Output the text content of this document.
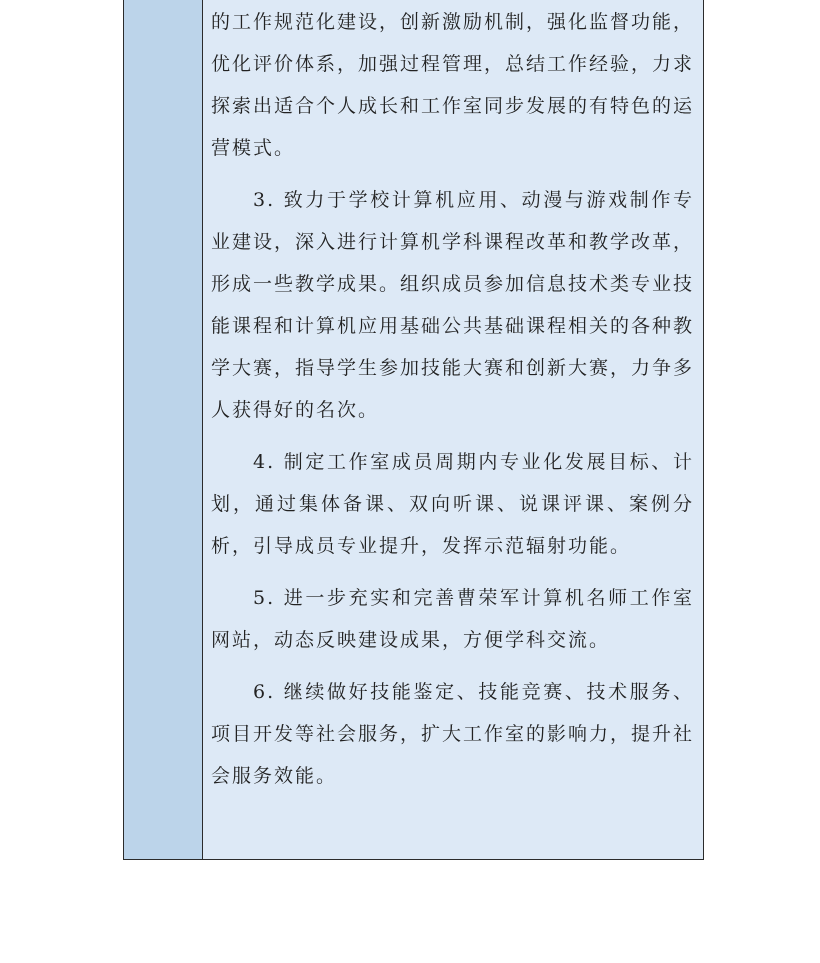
的工作规范化建设，创新激励机制，强化监督功能，优化评价体系，加强过程管理，总结工作经验，力求探索出适合个人成长和工作室同步发展的有特色的运营模式。

3. 致力于学校计算机应用、动漫与游戏制作专业建设，深入进行计算机学科课程改革和教学改革，形成一些教学成果。组织成员参加信息技术类专业技能课程和计算机应用基础公共基础课程相关的各种教学大赛，指导学生参加技能大赛和创新大赛，力争多人获得好的名次。

4. 制定工作室成员周期内专业化发展目标、计划，通过集体备课、双向听课、说课评课、案例分析，引导成员专业提升，发挥示范辐射功能。

5. 进一步充实和完善曹荣军计算机名师工作室网站，动态反映建设成果，方便学科交流。

6. 继续做好技能鉴定、技能竞赛、技术服务、项目开发等社会服务，扩大工作室的影响力，提升社会服务效能。
